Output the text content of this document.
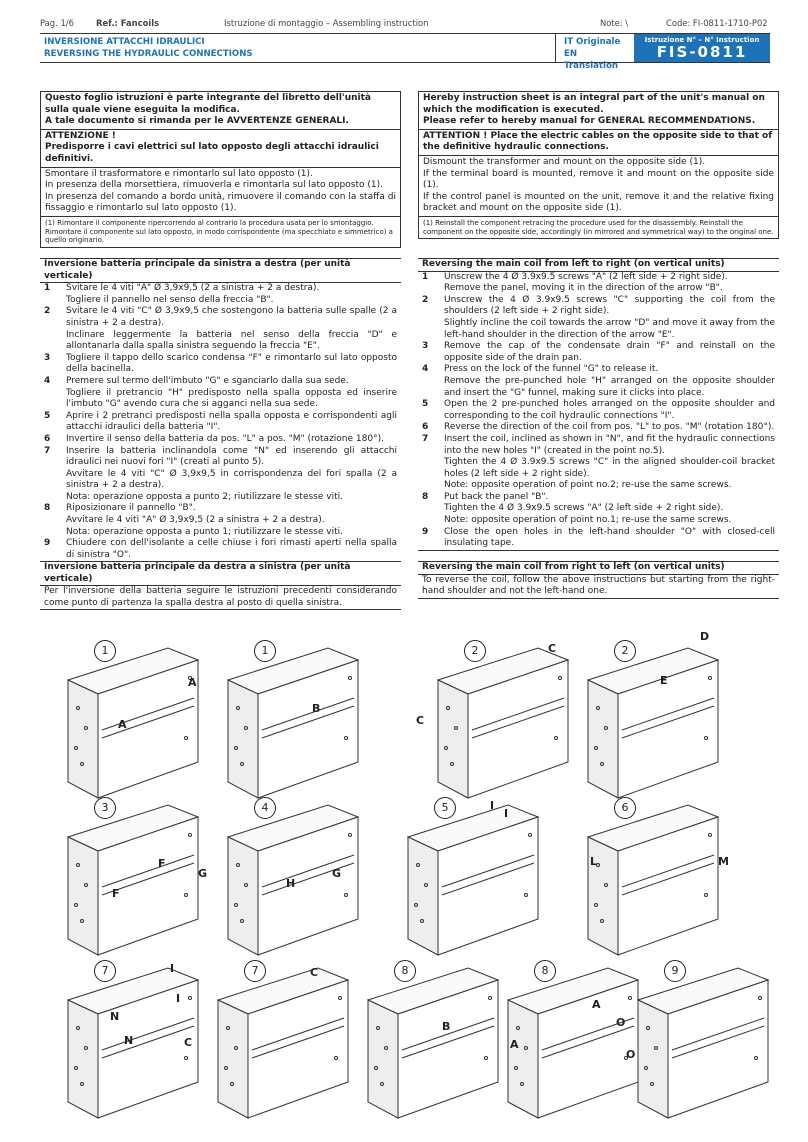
Pag. 1/6	Ref.: Fancoils	Istruzione di montaggio – Assembling instruction	Note: \	Code: FI-0811-1710-P02
INVERSIONE ATTACCHI IDRAULICI
REVERSING THE HYDRAULIC CONNECTIONS
IT Originale
EN Translation
Istruzione N° – N° Instruction
FIS-0811
Questo foglio istruzioni è parte integrante del libretto dell'unità sulla quale viene eseguita la modifica.
A tale documento si rimanda per le AVVERTENZE GENERALI.
ATTENZIONE !
Predisporre i cavi elettrici sul lato opposto degli attacchi idraulici definitivi.
Smontare il trasformatore e rimontarlo sul lato opposto (1).
In presenza della morsettiera, rimuoverla e rimontarla sul lato opposto (1).
In presenza del comando a bordo unità, rimuovere il comando con la staffa di fissaggio e rimontarlo sul lato opposto (1).
(1) Rimontare il componente ripercorrendo al contrario la procedura usata per lo smontaggio. Rimontare il componente sul lato opposto, in modo corrispondente (ma specchiato e simmetrico) a quello originario.
Inversione batteria principale da sinistra a destra (per unità verticale)
1	Svitare le 4 viti "A" Ø 3,9x9,5 (2 a sinistra + 2 a destra).
Togliere il pannello nel senso della freccia "B".
2	Svitare le 4 viti "C" Ø 3,9x9,5 che sostengono la batteria sulle spalle (2 a sinistra + 2 a destra).
Inclinare leggermente la batteria nel senso della freccia "D" e allontanarla dalla spalla sinistra seguendo la freccia "E".
3	Togliere il tappo dello scarico condensa "F" e rimontarlo sul lato opposto della bacinella.
4	Premere sul termo dell'imbuto "G" e sganciarlo dalla sua sede.
Togliere il pretrancio "H" predisposto nella spalla opposta ed inserire l'imbuto "G" avendo cura che si agganci nella sua sede.
5	Aprire i 2 pretranci predisposti nella spalla opposta e corrispondenti agli attacchi idraulici della batteria "I".
6	Invertire il senso della batteria da pos. "L" a pos. "M" (rotazione 180°).
7	Inserire la batteria inclinandola come "N" ed inserendo gli attacchi idraulici nei nuovi fori "I" (creati al punto 5).
Avvitare le 4 viti "C" Ø 3,9x9,5 in corrispondenza dei fori spalla (2 a sinistra + 2 a destra).
Nota: operazione opposta a punto 2; riutilizzare le stesse viti.
8	Riposizionare il pannello "B".
Avvitare le 4 viti "A" Ø 3,9x9,5 (2 a sinistra + 2 a destra).
Nota: operazione opposta a punto 1; riutilizzare le stesse viti.
9	Chiudere con dell'isolante a celle chiuse i fori rimasti aperti nella spalla di sinistra "O".
Inversione batteria principale da destra a sinistra (per unità verticale)
Per l'inversione della batteria seguire le istruzioni precedenti considerando come punto di partenza la spalla destra al posto di quella sinistra.
Hereby instruction sheet is an integral part of the unit's manual on which the modification is executed.
Please refer to hereby manual for GENERAL RECOMMENDATIONS.
ATTENTION ! Place the electric cables on the opposite side to that of the definitive hydraulic connections.
Dismount the transformer and mount on the opposite side (1).
If the terminal board is mounted, remove it and mount on the opposite side (1).
If the control panel is mounted on the unit, remove it and the relative fixing bracket and mount on the opposite side (1).
(1) Reinstall the component retracing the procedure used for the disassembly. Reinstall the component on the opposite side, accordingly (in mirrored and symmetrical way) to the original one.
Reversing the main coil from left to right (on vertical units)
1	Unscrew the 4 Ø 3.9x9.5 screws "A" (2 left side + 2 right side).
Remove the panel, moving it in the direction of the arrow "B".
2	Unscrew the 4 Ø 3.9x9.5 screws "C" supporting the coil from the shoulders (2 left side + 2 right side).
Slightly incline the coil towards the arrow "D" and move it away from the left-hand shoulder in the direction of the arrow "E".
3	Remove the cap of the condensate drain "F" and reinstall on the opposite side of the drain pan.
4	Press on the lock of the funnel "G" to release it.
Remove the pre-punched hole "H" arranged on the opposite shoulder and insert the "G" funnel, making sure it clicks into place.
5	Open the 2 pre-punched holes arranged on the opposite shoulder and corresponding to the coil hydraulic connections "I".
6	Reverse the direction of the coil from pos. "L" to pos. "M" (rotation 180°).
7	Insert the coil, inclined as shown in "N", and fit the hydraulic connections into the new holes "I" (created in the point no.5).
Tighten the 4 Ø 3.9x9.5 screws "C" in the aligned shoulder-coil bracket holes (2 left side + 2 right side).
Note: opposite operation of point no.2; re-use the same screws.
8	Put back the panel "B".
Tighten the 4 Ø 3.9x9.5 screws "A" (2 left side + 2 right side).
Note: opposite operation of point no.1; re-use the same screws.
9	Close the open holes in the left-hand shoulder "O" with closed-cell insulating tape.
Reversing the main coil from right to left (on vertical units)
To reverse the coil, follow the above instructions but starting from the right-hand shoulder and not the left-hand one.
1
A
A
1
B
2	C
C
2
D
E
3
F
F
4
G
H
G
5	I
I	6
L	M
7	I
I
N
N
7	C
C
8
B
8
A
A
9
O
O
